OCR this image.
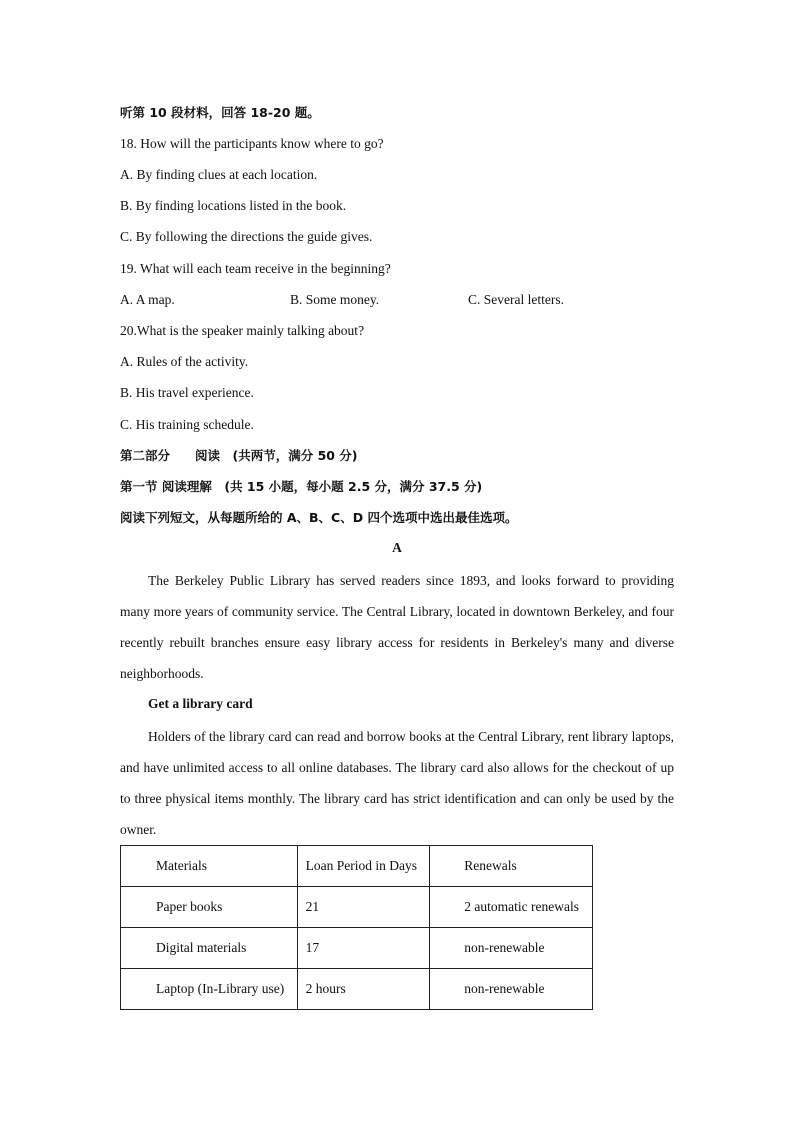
听第 10 段材料，回答 18-20 题。
18. How will the participants know where to go?
A. By finding clues at each location.
B. By finding locations listed in the book.
C. By following the directions the guide gives.
19. What will each team receive in the beginning?
A. A map.	B. Some money.	C. Several letters.
20.What is the speaker mainly talking about?
A. Rules of the activity.
B. His travel experience.
C. His training schedule.
第二部分　　阅读　(共两节，满分 50 分)
第一节 阅读理解　(共 15 小题，每小题 2.5 分，满分 37.5 分)
阅读下列短文，从每题所给的 A、B、C、D 四个选项中选出最佳选项。
A

The Berkeley Public Library has served readers since 1893, and looks forward to providing many more years of community service. The Central Library, located in downtown Berkeley, and four recently rebuilt branches ensure easy library access for residents in Berkeley's many and diverse neighborhoods.

Get a library card

Holders of the library card can read and borrow books at the Central Library, rent library laptops, and have unlimited access to all online databases. The library card also allows for the checkout of up to three physical items monthly. The library card has strict identification and can only be used by the owner.

Materials	Loan Period in Days	Renewals
Paper books	21	2 automatic renewals
Digital materials	17	non-renewable
Laptop (In-Library use)	2 hours	non-renewable
